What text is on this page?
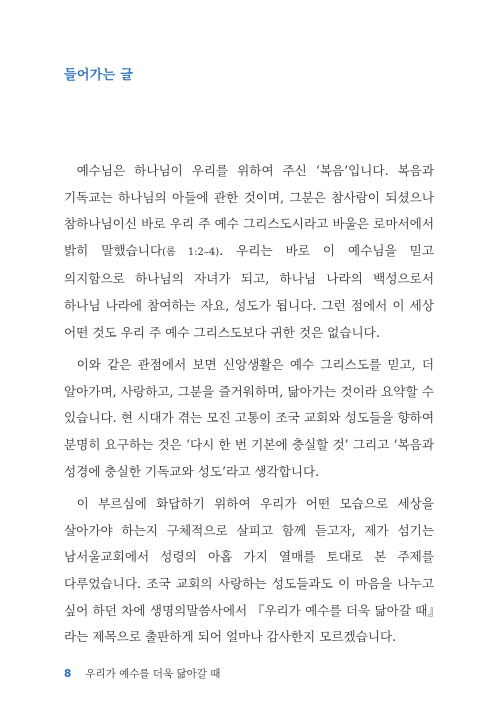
들어가는 글

예수님은 하나님이 우리를 위하여 주신 ‘복음’입니다. 복음과 기독교는 하나님의 아들에 관한 것이며, 그분은 참사람이 되셨으나 참하나님이신 바로 우리 주 예수 그리스도시라고 바울은 로마서에서 밝히 말했습니다(롬 1:2–4). 우리는 바로 이 예수님을 믿고 의지함으로 하나님의 자녀가 되고, 하나님 나라의 백성으로서 하나님 나라에 참여하는 자요, 성도가 됩니다. 그런 점에서 이 세상 어떤 것도 우리 주 예수 그리스도보다 귀한 것은 없습니다.

이와 같은 관점에서 보면 신앙생활은 예수 그리스도를 믿고, 더 알아가며, 사랑하고, 그분을 즐거워하며, 닮아가는 것이라 요약할 수 있습니다. 현 시대가 겪는 모진 고통이 조국 교회와 성도들을 향하여 분명히 요구하는 것은 ‘다시 한 번 기본에 충실할 것’ 그리고 ‘복음과 성경에 충실한 기독교와 성도’라고 생각합니다.

이 부르심에 화답하기 위하여 우리가 어떤 모습으로 세상을 살아가야 하는지 구체적으로 살피고 함께 듣고자, 제가 섬기는 남서울교회에서 성령의 아홉 가지 열매를 토대로 본 주제를 다루었습니다. 조국 교회의 사랑하는 성도들과도 이 마음을 나누고 싶어 하던 차에 생명의말씀사에서 『우리가 예수를 더욱 닮아갈 때』라는 제목으로 출판하게 되어 얼마나 감사한지 모르겠습니다.

8 우리가 예수를 더욱 닮아갈 때
